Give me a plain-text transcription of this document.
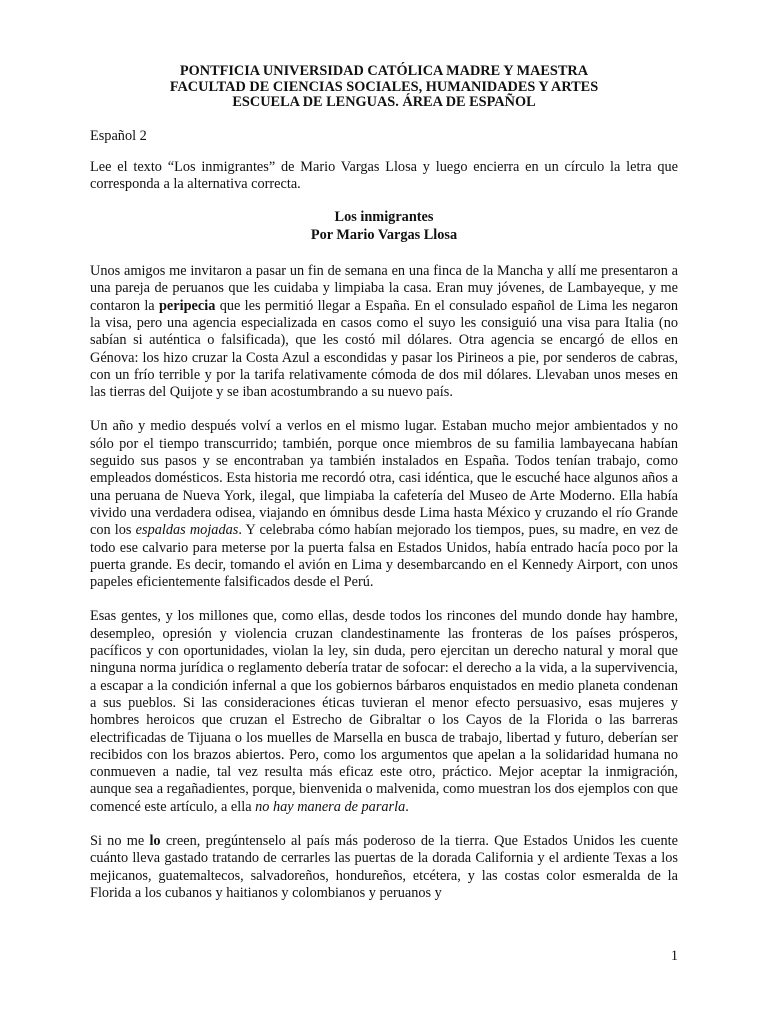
PONTFICIA UNIVERSIDAD CATÓLICA MADRE Y MAESTRA
FACULTAD DE CIENCIAS SOCIALES, HUMANIDADES Y ARTES
ESCUELA DE LENGUAS. ÁREA DE ESPAÑOL
Español 2

Lee el texto “Los inmigrantes” de Mario Vargas Llosa y luego encierra en un círculo la letra que corresponda a la alternativa correcta.

Los inmigrantes
Por Mario Vargas Llosa

Unos amigos me invitaron a pasar un fin de semana en una finca de la Mancha y allí me presentaron a una pareja de peruanos que les cuidaba y limpiaba la casa. Eran muy jóvenes, de Lambayeque, y me contaron la peripecia que les permitió llegar a España. En el consulado español de Lima les negaron la visa, pero una agencia especializada en casos como el suyo les consiguió una visa para Italia (no sabían si auténtica o falsificada), que les costó mil dólares. Otra agencia se encargó de ellos en Génova: los hizo cruzar la Costa Azul a escondidas y pasar los Pirineos a pie, por senderos de cabras, con un frío terrible y por la tarifa relativamente cómoda de dos mil dólares. Llevaban unos meses en las tierras del Quijote y se iban acostumbrando a su nuevo país.

Un año y medio después volví a verlos en el mismo lugar. Estaban mucho mejor ambientados y no sólo por el tiempo transcurrido; también, porque once miembros de su familia lambayecana habían seguido sus pasos y se encontraban ya también instalados en España. Todos tenían trabajo, como empleados domésticos. Esta historia me recordó otra, casi idéntica, que le escuché hace algunos años a una peruana de Nueva York, ilegal, que limpiaba la cafetería del Museo de Arte Moderno. Ella había vivido una verdadera odisea, viajando en ómnibus desde Lima hasta México y cruzando el río Grande con los espaldas mojadas. Y celebraba cómo habían mejorado los tiempos, pues, su madre, en vez de todo ese calvario para meterse por la puerta falsa en Estados Unidos, había entrado hacía poco por la puerta grande. Es decir, tomando el avión en Lima y desembarcando en el Kennedy Airport, con unos papeles eficientemente falsificados desde el Perú.

Esas gentes, y los millones que, como ellas, desde todos los rincones del mundo donde hay hambre, desempleo, opresión y violencia cruzan clandestinamente las fronteras de los países prósperos, pacíficos y con oportunidades, violan la ley, sin duda, pero ejercitan un derecho natural y moral que ninguna norma jurídica o reglamento debería tratar de sofocar: el derecho a la vida, a la supervivencia, a escapar a la condición infernal a que los gobiernos bárbaros enquistados en medio planeta condenan a sus pueblos. Si las consideraciones éticas tuvieran el menor efecto persuasivo, esas mujeres y hombres heroicos que cruzan el Estrecho de Gibraltar o los Cayos de la Florida o las barreras electrificadas de Tijuana o los muelles de Marsella en busca de trabajo, libertad y futuro, deberían ser recibidos con los brazos abiertos. Pero, como los argumentos que apelan a la solidaridad humana no conmueven a nadie, tal vez resulta más eficaz este otro, práctico. Mejor aceptar la inmigración, aunque sea a regañadientes, porque, bienvenida o malvenida, como muestran los dos ejemplos con que comencé este artículo, a ella no hay manera de pararla.

Si no me lo creen, pregúntenselo al país más poderoso de la tierra. Que Estados Unidos les cuente cuánto lleva gastado tratando de cerrarles las puertas de la dorada California y el ardiente Texas a los mejicanos, guatemaltecos, salvadoreños, hondureños, etcétera, y las costas color esmeralda de la Florida a los cubanos y haitianos y colombianos y peruanos y

1
